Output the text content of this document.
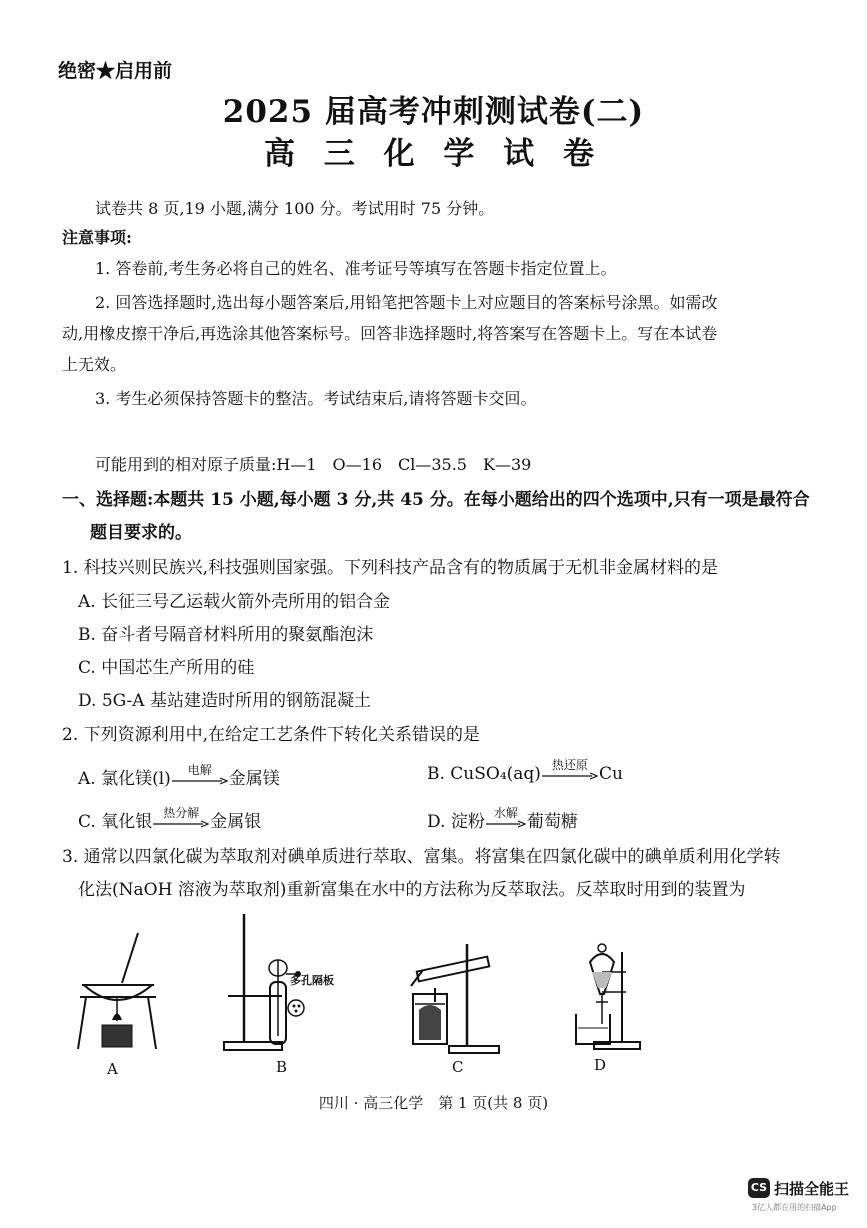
绝密★启用前
2025 届高考冲刺测试卷(二)
高 三 化 学 试 卷
试卷共 8 页,19 小题,满分 100 分。考试用时 75 分钟。
注意事项:
1. 答卷前,考生务必将自己的姓名、准考证号等填写在答题卡指定位置上。
2. 回答选择题时,选出每小题答案后,用铅笔把答题卡上对应题目的答案标号涂黑。如需改
动,用橡皮擦干净后,再选涂其他答案标号。回答非选择题时,将答案写在答题卡上。写在本试卷
上无效。
3. 考生必须保持答题卡的整洁。考试结束后,请将答题卡交回。
可能用到的相对原子质量:H—1　O—16　Cl—35.5　K—39
一、选择题:本题共 15 小题,每小题 3 分,共 45 分。在每小题给出的四个选项中,只有一项是最符合
题目要求的。
1. 科技兴则民族兴,科技强则国家强。下列科技产品含有的物质属于无机非金属材料的是
A. 长征三号乙运载火箭外壳所用的铝合金
B. 奋斗者号隔音材料所用的聚氨酯泡沫
C. 中国芯生产所用的硅
D. 5G-A 基站建造时所用的钢筋混凝土
2. 下列资源利用中,在给定工艺条件下转化关系错误的是
A. 氯化镁(l)	电解	金属镁	B. CuSO₄(aq) 热还原 Cu
C. 氧化银 热分解 金属银	D. 淀粉 水解 葡萄糖
3. 通常以四氯化碳为萃取剂对碘单质进行萃取、富集。将富集在四氯化碳中的碘单质利用化学转
化法(NaOH 溶液为萃取剂)重新富集在水中的方法称为反萃取法。反萃取时用到的装置为
A
多孔隔板
B	C	D
四川 · 高三化学　第 1 页(共 8 页)
CS 扫描全能王
3亿人都在用的扫描App
